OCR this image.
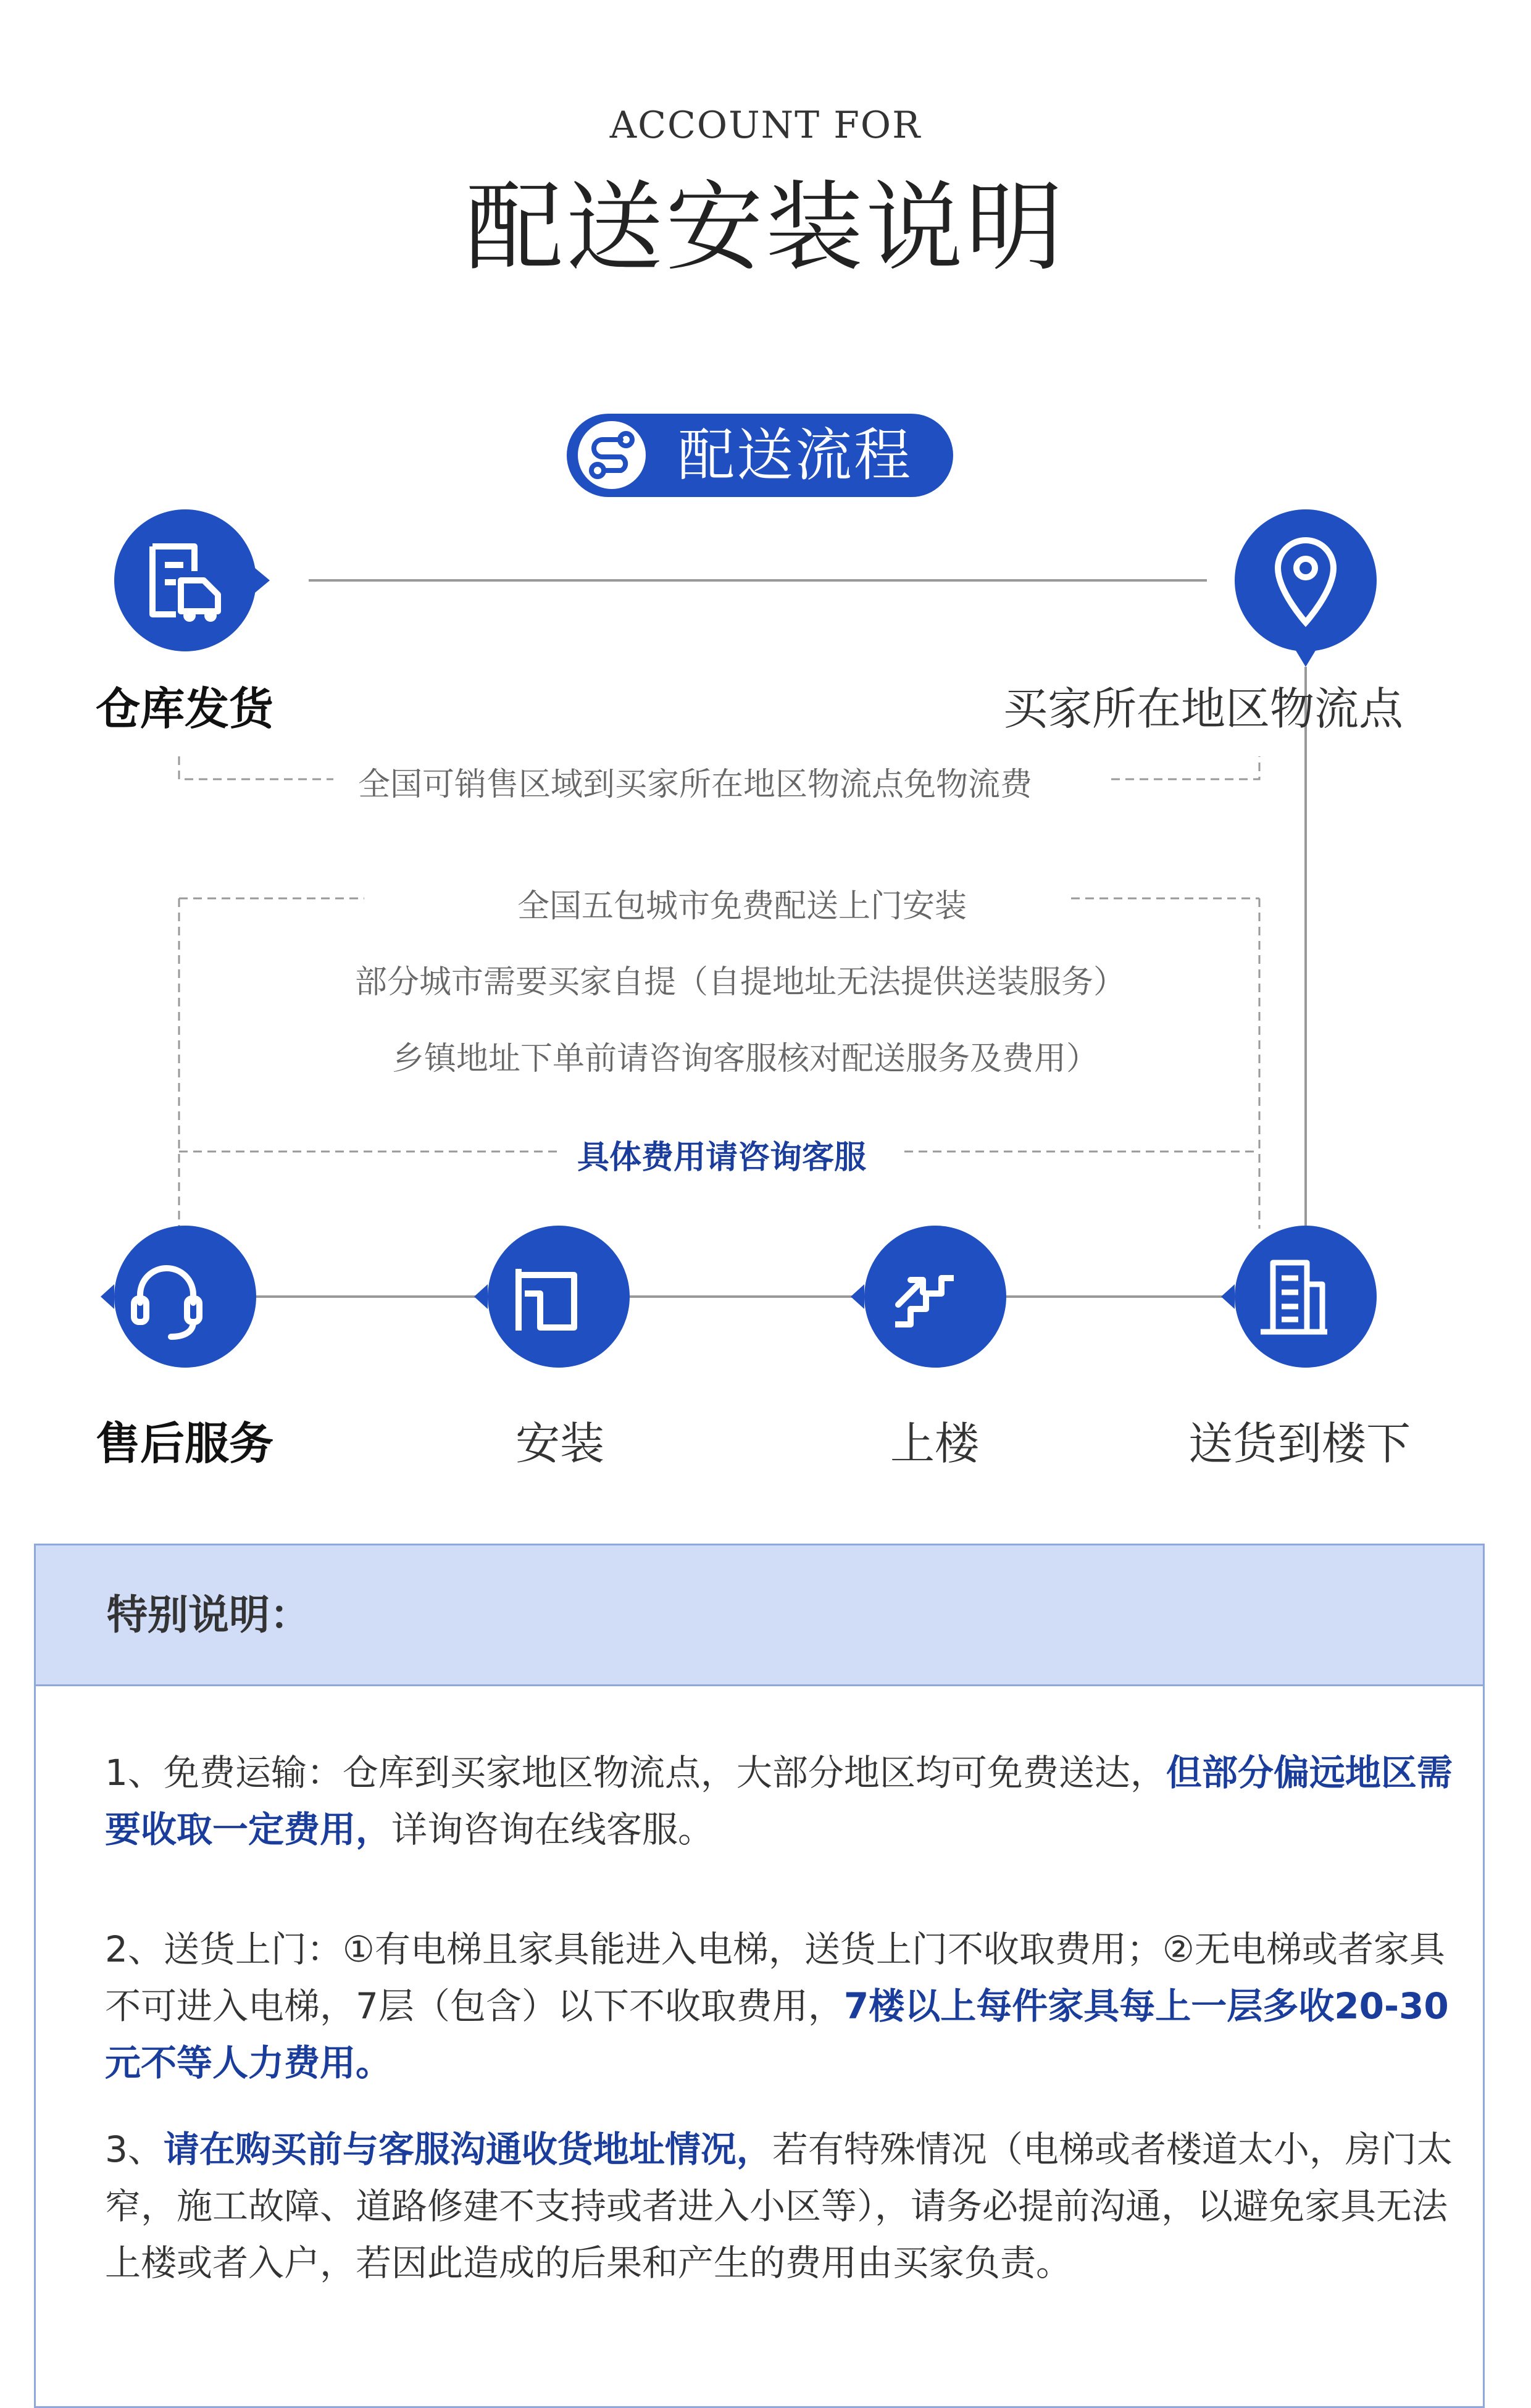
ACCOUNT FOR
配送安装说明
配送流程
仓库发货	买家所在地区物流点
全国可销售区域到买家所在地区物流点免物流费
全国五包城市免费配送上门安装
部分城市需要买家自提（自提地址无法提供送装服务）
乡镇地址下单前请咨询客服核对配送服务及费用）
具体费用请咨询客服
售后服务	安装	上楼	送货到楼下
特别说明：
1、免费运输：仓库到买家地区物流点，大部分地区均可免费送达，但部分偏远地区需要收取一定费用，详询咨询在线客服。
2、送货上门：①有电梯且家具能进入电梯，送货上门不收取费用；②无电梯或者家具不可进入电梯，7层（包含）以下不收取费用，7楼以上每件家具每上一层多收20-30元不等人力费用。
3、请在购买前与客服沟通收货地址情况，若有特殊情况（电梯或者楼道太小，房门太窄，施工故障、道路修建不支持或者进入小区等），请务必提前沟通，以避免家具无法上楼或者入户，若因此造成的后果和产生的费用由买家负责。
